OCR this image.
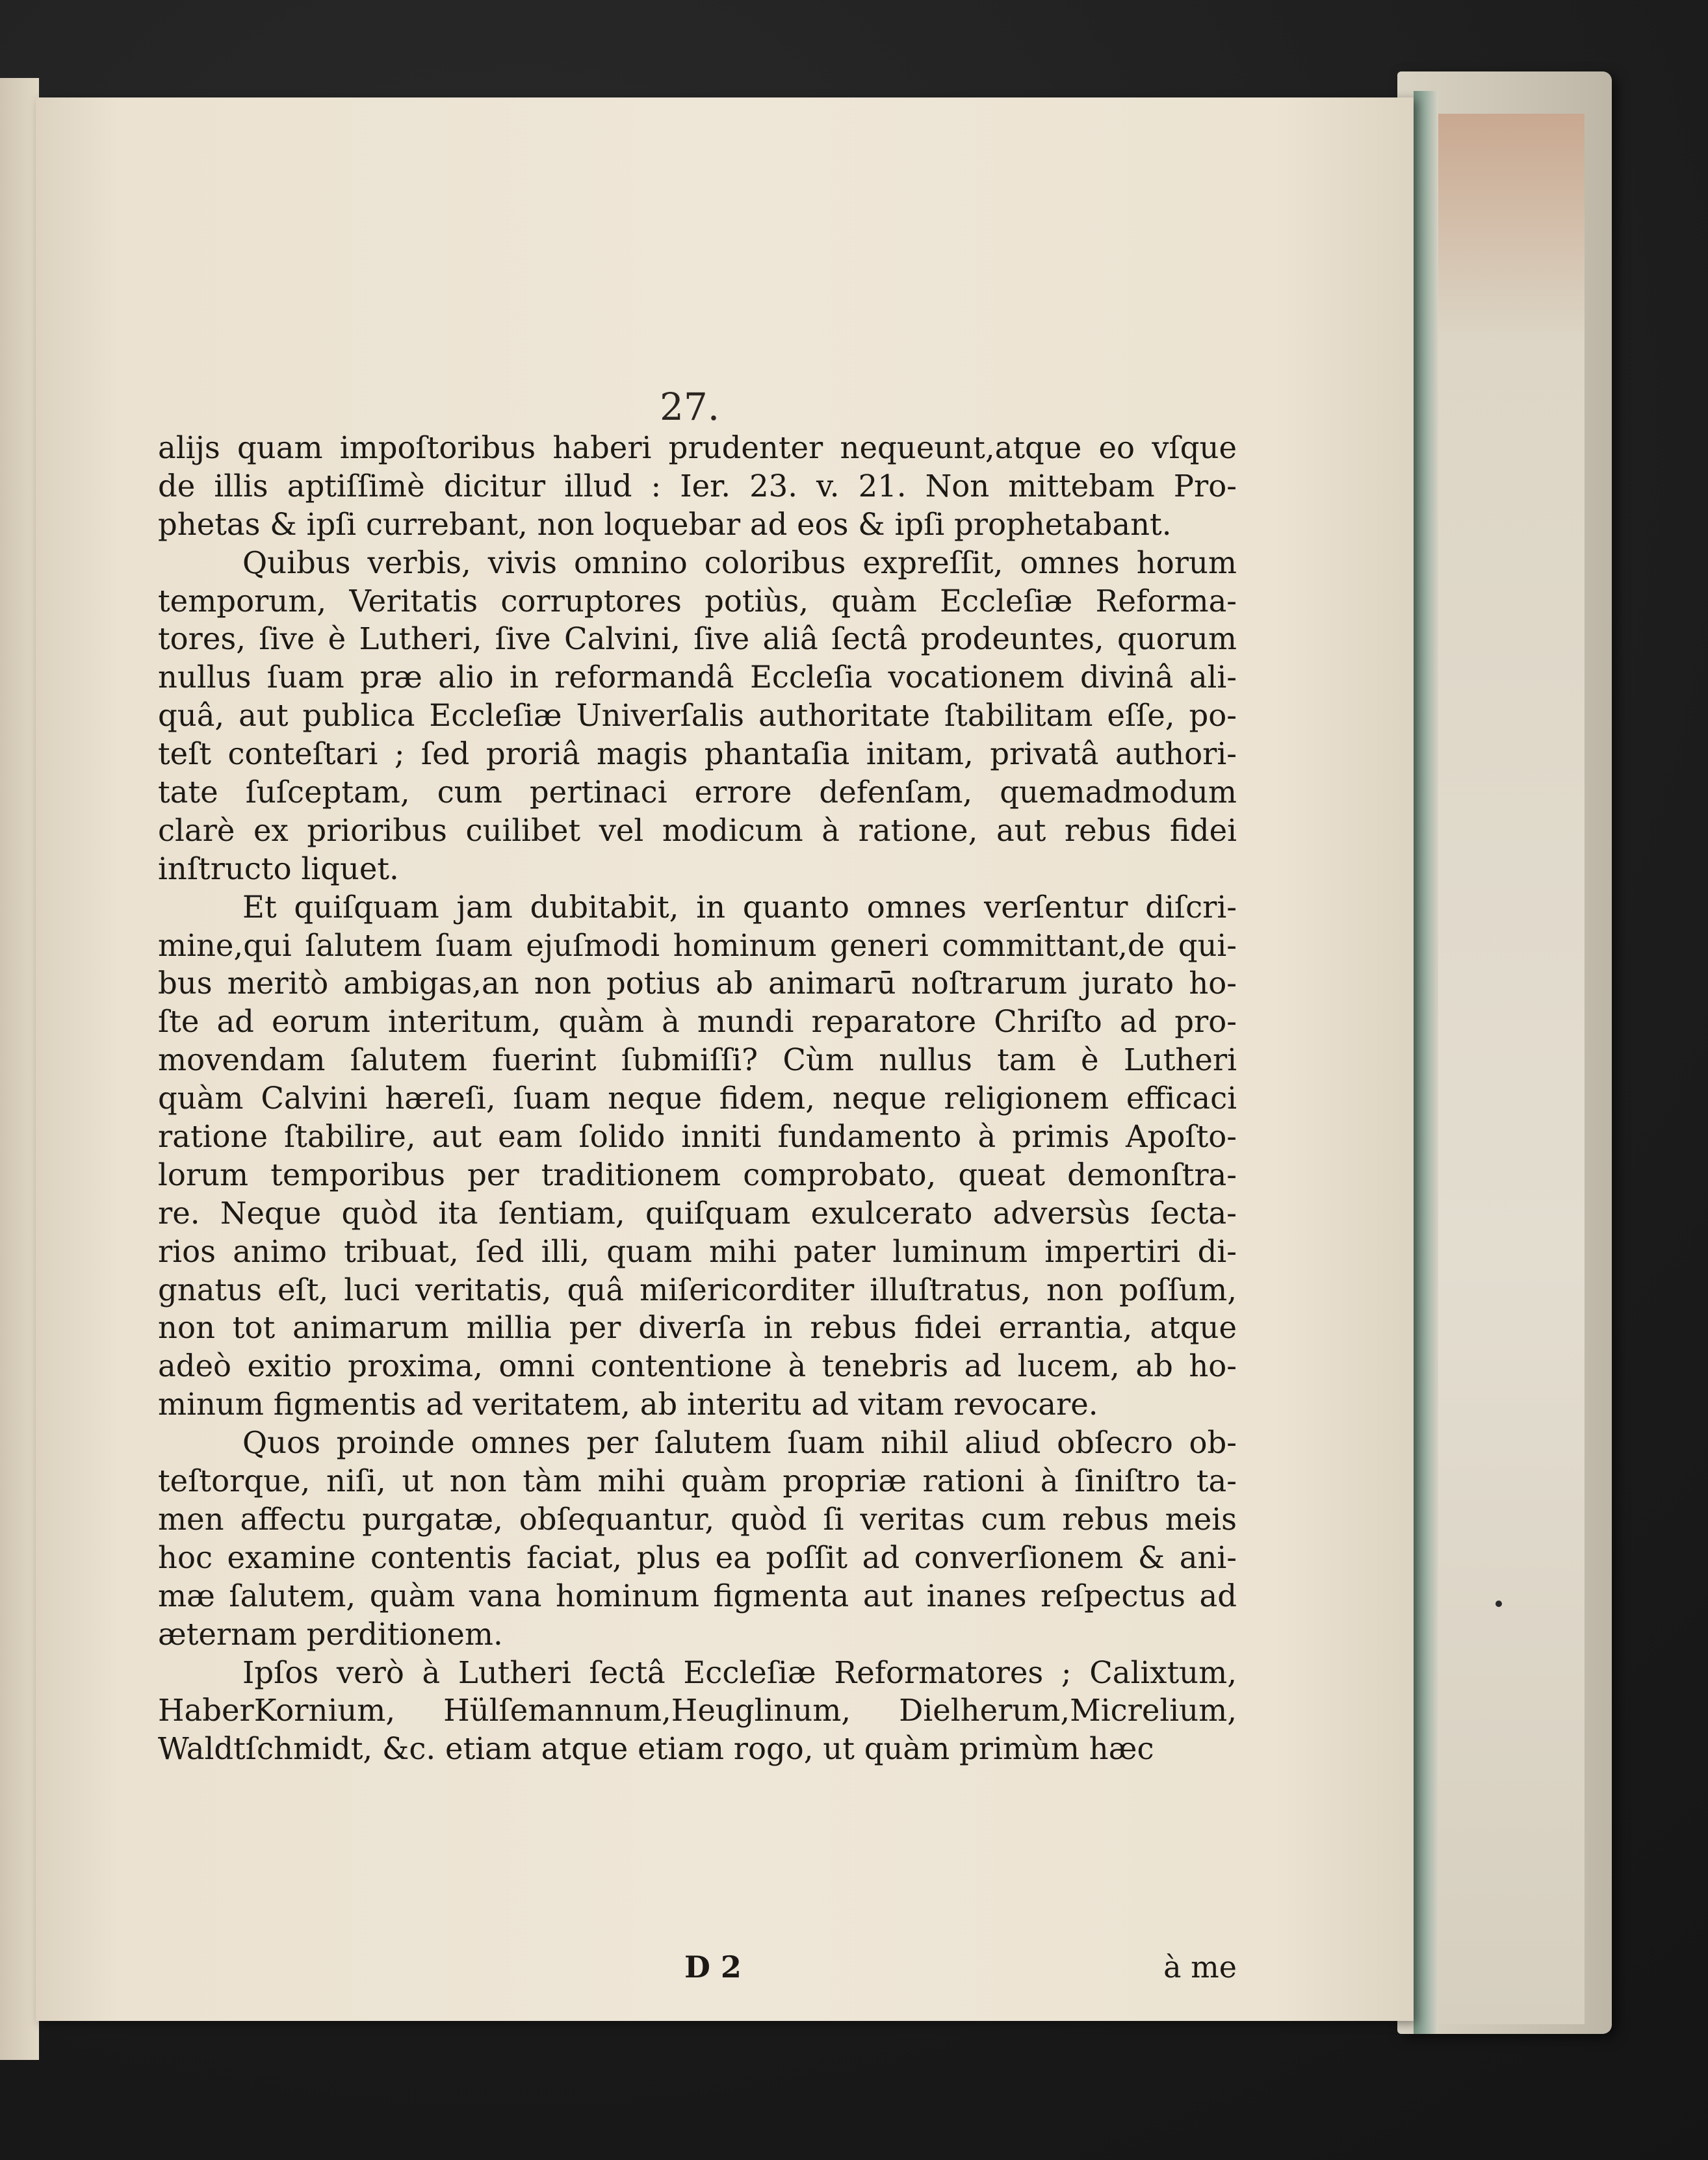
27.
alijs quam impoſtoribus haberi prudenter nequeunt,atque eo vſque
de illis aptiſſimè dicitur illud : Ier. 23. v. 21. Non mittebam Pro-
phetas & ipſi currebant, non loquebar ad eos & ipſi prophetabant.
Quibus verbis, vivis omnino coloribus expreſſit, omnes horum
temporum, Veritatis corruptores potiùs, quàm Eccleſiæ Reforma-
tores, ſive è Lutheri, ſive Calvini, ſive aliâ ſectâ prodeuntes, quorum
nullus ſuam præ alio in reformandâ Eccleſia vocationem divinâ ali-
quâ, aut publica Eccleſiæ Univerſalis authoritate ſtabilitam eſſe, po-
teſt conteſtari ; ſed proriâ magis phantaſia initam, privatâ authori-
tate ſuſceptam, cum pertinaci errore defenſam, quemadmodum
clarè ex prioribus cuilibet vel modicum à ratione, aut rebus fidei
inſtructo liquet.
Et quiſquam jam dubitabit, in quanto omnes verſentur diſcri-
mine,qui ſalutem ſuam ejuſmodi hominum generi committant,de qui-
bus meritò ambigas,an non potius ab animarū noſtrarum jurato ho-
ſte ad eorum interitum, quàm à mundi reparatore Chriſto ad pro-
movendam ſalutem fuerint ſubmiſſi? Cùm nullus tam è Lutheri
quàm Calvini hæreſi, ſuam neque fidem, neque religionem efficaci
ratione ſtabilire, aut eam ſolido inniti fundamento à primis Apoſto-
lorum temporibus per traditionem comprobato, queat demonſtra-
re. Neque quòd ita ſentiam, quiſquam exulcerato adversùs ſecta-
rios animo tribuat, ſed illi, quam mihi pater luminum impertiri di-
gnatus eſt, luci veritatis, quâ miſericorditer illuſtratus, non poſſum,
non tot animarum millia per diverſa in rebus fidei errantia, atque
adeò exitio proxima, omni contentione à tenebris ad lucem, ab ho-
minum figmentis ad veritatem, ab interitu ad vitam revocare.
Quos proinde omnes per ſalutem ſuam nihil aliud obſecro ob-
teſtorque, niſi, ut non tàm mihi quàm propriæ rationi à ſiniſtro ta-
men affectu purgatæ, obſequantur, quòd ſi veritas cum rebus meis
hoc examine contentis faciat, plus ea poſſit ad converſionem & ani-
mæ ſalutem, quàm vana hominum figmenta aut inanes reſpectus ad
æternam perditionem.
Ipſos verò à Lutheri ſectâ Eccleſiæ Reformatores ; Calixtum,
HaberKornium, Hülſemannum,Heuglinum, Dielherum,Micrelium,
Waldtſchmidt, &c. etiam atque etiam rogo, ut quàm primùm hæc
D 2	à me
